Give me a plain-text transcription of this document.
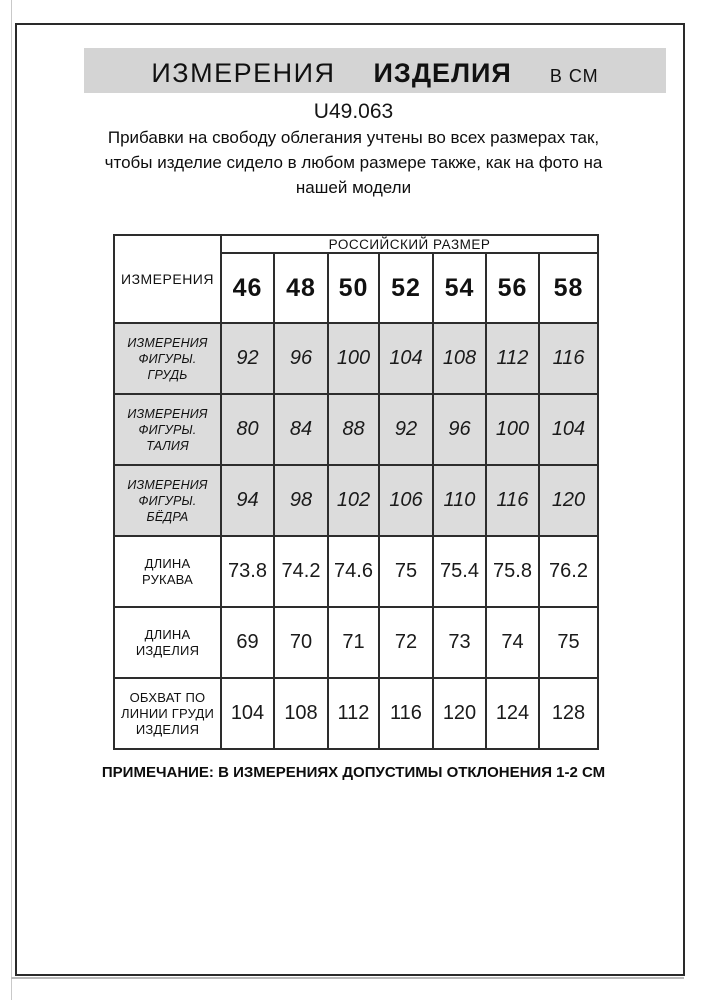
ИЗМЕРЕНИЯ ИЗДЕЛИЯ В СМ
U49.063
Прибавки на свободу облегания учтены во всех размерах так,
чтобы изделие сидело в любом размере также, как на фото на
нашей модели
ИЗМЕРЕНИЯ	РОССИЙСКИЙ РАЗМЕР						
	46	48	50	52	54	56	58
ИЗМЕРЕНИЯ ФИГУРЫ. ГРУДЬ	92	96	100	104	108	112	116
ИЗМЕРЕНИЯ ФИГУРЫ. ТАЛИЯ	80	84	88	92	96	100	104
ИЗМЕРЕНИЯ ФИГУРЫ. БЁДРА	94	98	102	106	110	116	120
ДЛИНА РУКАВА	73.8	74.2	74.6	75	75.4	75.8	76.2
ДЛИНА ИЗДЕЛИЯ	69	70	71	72	73	74	75
ОБХВАТ ПО ЛИНИИ ГРУДИ ИЗДЕЛИЯ	104	108	112	116	120	124	128
ПРИМЕЧАНИЕ: В ИЗМЕРЕНИЯХ ДОПУСТИМЫ ОТКЛОНЕНИЯ 1-2 СМ
